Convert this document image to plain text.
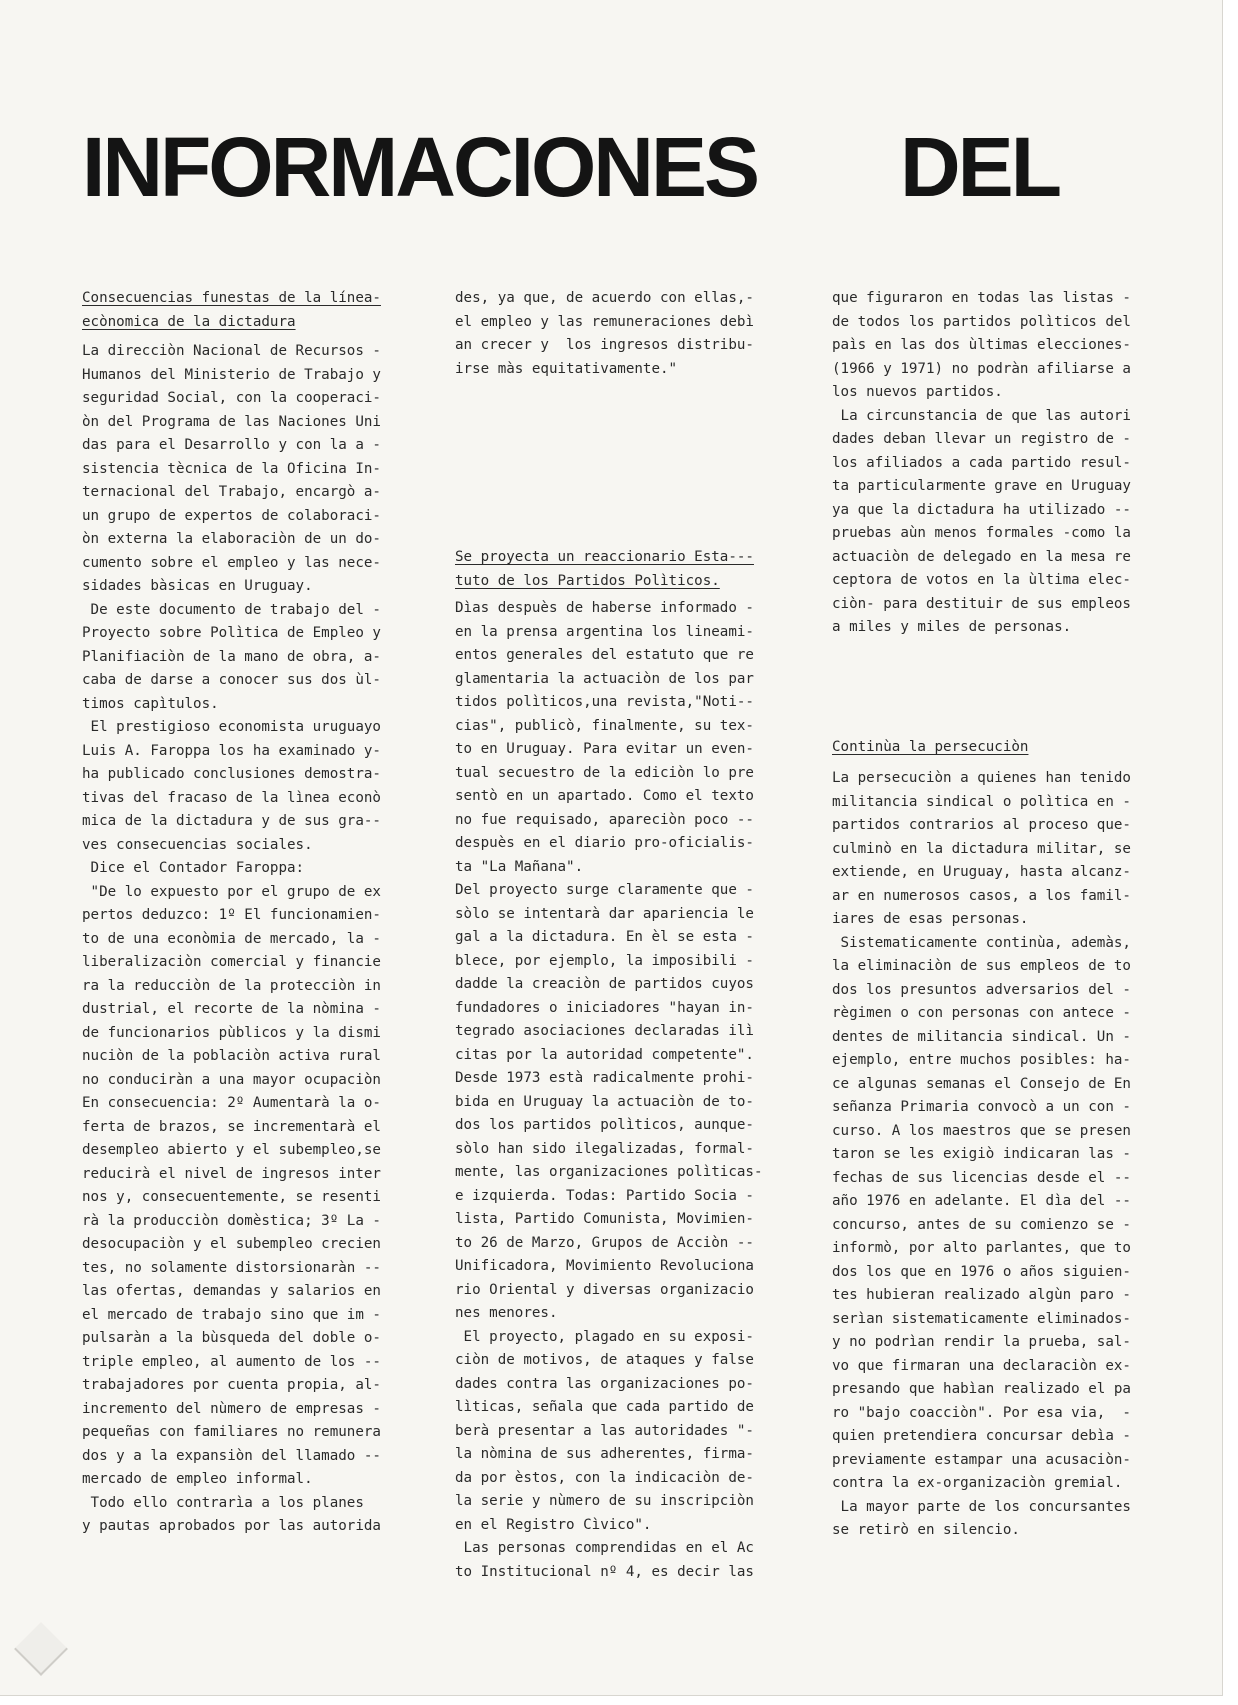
INFORMACIONES DEL
Consecuencias funestas de la línea-
ecònomica de la dictadura
La direcciòn Nacional de Recursos -
Humanos del Ministerio de Trabajo y
seguridad Social, con la cooperaci-
òn del Programa de las Naciones Uni
das para el Desarrollo y con la a -
sistencia tècnica de la Oficina In-
ternacional del Trabajo, encargò a-
un grupo de expertos de colaboraci-
òn externa la elaboraciòn de un do-
cumento sobre el empleo y las nece-
sidades bàsicas en Uruguay.
De este documento de trabajo del -
Proyecto sobre Polìtica de Empleo y
Planifiaciòn de la mano de obra, a-
caba de darse a conocer sus dos ùl-
timos capìtulos.
El prestigioso economista uruguayo
Luis A. Faroppa los ha examinado y-
ha publicado conclusiones demostra-
tivas del fracaso de la lìnea econò
mica de la dictadura y de sus gra--
ves consecuencias sociales.
Dice el Contador Faroppa:
"De lo expuesto por el grupo de ex
pertos deduzco: 1º El funcionamien-
to de una econòmia de mercado, la -
liberalizaciòn comercial y financie
ra la reducciòn de la protecciòn in
dustrial, el recorte de la nòmina -
de funcionarios pùblicos y la dismi
nuciòn de la poblaciòn activa rural
no conduciràn a una mayor ocupaciòn
En consecuencia: 2º Aumentarà la o-
ferta de brazos, se incrementarà el
desempleo abierto y el subempleo,se
reducirà el nivel de ingresos inter
nos y, consecuentemente, se resenti
rà la producciòn domèstica; 3º La -
desocupaciòn y el subempleo crecien
tes, no solamente distorsionaràn --
las ofertas, demandas y salarios en
el mercado de trabajo sino que im -
pulsaràn a la bùsqueda del doble o-
triple empleo, al aumento de los --
trabajadores por cuenta propia, al-
incremento del nùmero de empresas -
pequeñas con familiares no remunera
dos y a la expansiòn del llamado --
mercado de empleo informal.
Todo ello contrarìa a los planes
y pautas aprobados por las autorida
des, ya que, de acuerdo con ellas,-
el empleo y las remuneraciones debì
an crecer y  los ingresos distribu-
irse màs equitativamente."
Se proyecta un reaccionario Esta---
tuto de los Partidos Polìticos.
Dìas despuès de haberse informado -
en la prensa argentina los lineami-
entos generales del estatuto que re
glamentaria la actuaciòn de los par
tidos polìticos,una revista,"Noti--
cias", publicò, finalmente, su tex-
to en Uruguay. Para evitar un even-
tual secuestro de la ediciòn lo pre
sentò en un apartado. Como el texto
no fue requisado, apareciòn poco --
despuès en el diario pro-oficialis-
ta "La Mañana".
Del proyecto surge claramente que -
sòlo se intentarà dar apariencia le
gal a la dictadura. En èl se esta -
blece, por ejemplo, la imposibili -
dadde la creaciòn de partidos cuyos
fundadores o iniciadores "hayan in-
tegrado asociaciones declaradas ilì
citas por la autoridad competente".
Desde 1973 està radicalmente prohi-
bida en Uruguay la actuaciòn de to-
dos los partidos polìticos, aunque-
sòlo han sido ilegalizadas, formal-
mente, las organizaciones polìticas-
e izquierda. Todas: Partido Socia -
lista, Partido Comunista, Movimien-
to 26 de Marzo, Grupos de Acciòn --
Unificadora, Movimiento Revoluciona
rio Oriental y diversas organizacio
nes menores.
El proyecto, plagado en su exposi-
ciòn de motivos, de ataques y false
dades contra las organizaciones po-
lìticas, señala que cada partido de
berà presentar a las autoridades "-
la nòmina de sus adherentes, firma-
da por èstos, con la indicaciòn de-
la serie y nùmero de su inscripciòn
en el Registro Cìvico".
Las personas comprendidas en el Ac
to Institucional nº 4, es decir las
que figuraron en todas las listas -
de todos los partidos polìticos del
paìs en las dos ùltimas elecciones-
(1966 y 1971) no podràn afiliarse a
los nuevos partidos.
La circunstancia de que las autori
dades deban llevar un registro de -
los afiliados a cada partido resul-
ta particularmente grave en Uruguay
ya que la dictadura ha utilizado --
pruebas aùn menos formales -como la
actuaciòn de delegado en la mesa re
ceptora de votos en la ùltima elec-
ciòn- para destituir de sus empleos
a miles y miles de personas.
Continùa la persecuciòn
La persecuciòn a quienes han tenido
militancia sindical o polìtica en -
partidos contrarios al proceso que-
culminò en la dictadura militar, se
extiende, en Uruguay, hasta alcanz-
ar en numerosos casos, a los famil-
iares de esas personas.
Sistematicamente continùa, ademàs,
la eliminaciòn de sus empleos de to
dos los presuntos adversarios del -
règimen o con personas con antece -
dentes de militancia sindical. Un -
ejemplo, entre muchos posibles: ha-
ce algunas semanas el Consejo de En
señanza Primaria convocò a un con -
curso. A los maestros que se presen
taron se les exigiò indicaran las -
fechas de sus licencias desde el --
año 1976 en adelante. El dìa del --
concurso, antes de su comienzo se -
informò, por alto parlantes, que to
dos los que en 1976 o años siguien-
tes hubieran realizado algùn paro -
serìan sistematicamente eliminados-
y no podrìan rendir la prueba, sal-
vo que firmaran una declaraciòn ex-
presando que habìan realizado el pa
ro "bajo coacciòn". Por esa via,  -
quien pretendiera concursar debìa -
previamente estampar una acusaciòn-
contra la ex-organizaciòn gremial.
La mayor parte de los concursantes
se retirò en silencio.
